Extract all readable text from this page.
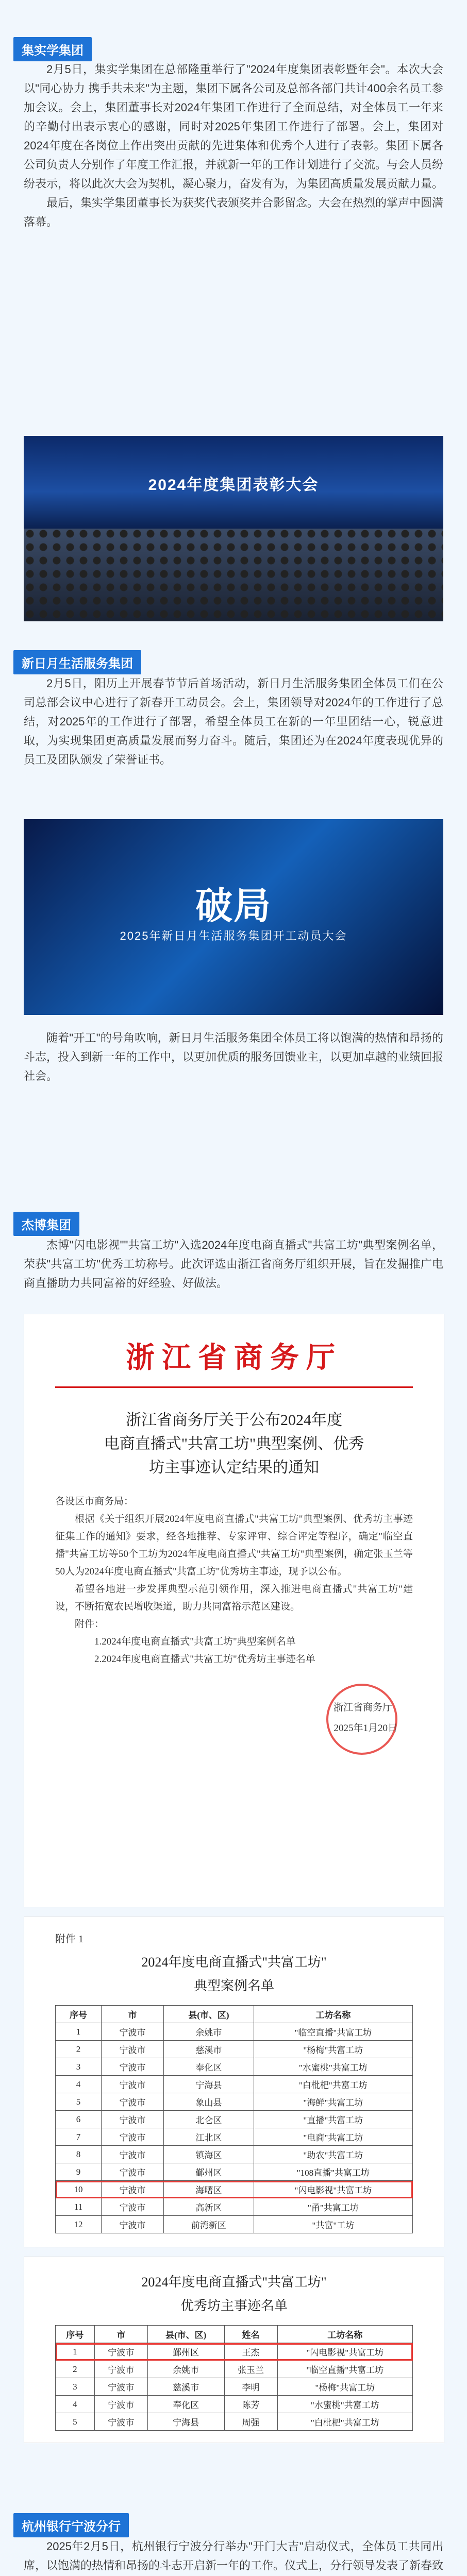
集实学集团

2月5日，集实学集团在总部隆重举行了"2024年度集团表彰暨年会"。本次大会以"同心协力 携手共未来"为主题，集团下属各公司及总部各部门共计400余名员工参加会议。会上，集团董事长对2024年集团工作进行了全面总结，对全体员工一年来的辛勤付出表示衷心的感谢，同时对2025年集团工作进行了部署。会上，集团对2024年度在各岗位上作出突出贡献的先进集体和优秀个人进行了表彰。集团下属各公司负责人分别作了年度工作汇报，并就新一年的工作计划进行了交流。与会人员纷纷表示，将以此次大会为契机，凝心聚力，奋发有为，为集团高质量发展贡献力量。

最后，集实学集团董事长为获奖代表颁奖并合影留念。大会在热烈的掌声中圆满落幕。

2024年度集团表彰大会
新日月生活服务集团

2月5日，阳历上开展春节节后首场活动，新日月生活服务集团全体员工们在公司总部会议中心进行了新春开工动员会。会上，集团领导对2024年的工作进行了总结，对2025年的工作进行了部署，希望全体员工在新的一年里团结一心，锐意进取，为实现集团更高质量发展而努力奋斗。随后，集团还为在2024年度表现优异的员工及团队颁发了荣誉证书。

破局
2025年新日月生活服务集团开工动员大会

随着"开工"的号角吹响，新日月生活服务集团全体员工将以饱满的热情和昂扬的斗志，投入到新一年的工作中，以更加优质的服务回馈业主，以更加卓越的业绩回报社会。

杰博集团

杰博"闪电影视""共富工坊"入选2024年度电商直播式"共富工坊"典型案例名单，荣获"共富工坊"优秀工坊称号。此次评选由浙江省商务厅组织开展，旨在发掘推广电商直播助力共同富裕的好经验、好做法。

浙江省商务厅
浙江省商务厅关于公布2024年度
电商直播式"共富工坊"典型案例、优秀
坊主事迹认定结果的通知
各设区市商务局：
根据《关于组织开展2024年度电商直播式"共富工坊"典型案例、优秀坊主事迹征集工作的通知》要求，经各地推荐、专家评审、综合评定等程序，确定"临空直播"共富工坊等50个工坊为2024年度电商直播式"共富工坊"典型案例，确定张玉兰等50人为2024年度电商直播式"共富工坊"优秀坊主事迹，现予以公布。
希望各地进一步发挥典型示范引领作用，深入推进电商直播式"共富工坊"建设，不断拓宽农民增收渠道，助力共同富裕示范区建设。
附件：
1.2024年度电商直播式"共富工坊"典型案例名单
2.2024年度电商直播式"共富工坊"优秀坊主事迹名单
浙江省商务厅
2025年1月20日
附件 1
2024年度电商直播式"共富工坊"
典型案例名单
序号	市	县(市、区)	工坊名称
1	宁波市	余姚市	"临空直播"共富工坊
2	宁波市	慈溪市	"杨梅"共富工坊
3	宁波市	奉化区	"水蜜桃"共富工坊
4	宁波市	宁海县	"白枇杷"共富工坊
5	宁波市	象山县	"海鲜"共富工坊
6	宁波市	北仑区	"直播"共富工坊
7	宁波市	江北区	"电商"共富工坊
8	宁波市	镇海区	"助农"共富工坊
9	宁波市	鄞州区	"108直播"共富工坊
10	宁波市	海曙区	"闪电影视"共富工坊
11	宁波市	高新区	"甬"共富工坊
12	宁波市	前湾新区	"共富"工坊
2024年度电商直播式"共富工坊"
优秀坊主事迹名单
序号	市	县(市、区)	姓名	工坊名称
1	宁波市	鄞州区	王杰	"闪电影视"共富工坊
2	宁波市	余姚市	张玉兰	"临空直播"共富工坊
3	宁波市	慈溪市	李明	"杨梅"共富工坊
4	宁波市	奉化区	陈芳	"水蜜桃"共富工坊
5	宁波市	宁海县	周强	"白枇杷"共富工坊
杭州银行宁波分行

2025年2月5日，杭州银行宁波分行举办"开门大吉"启动仪式，全体员工共同出席，以饱满的热情和昂扬的斗志开启新一年的工作。仪式上，分行领导发表了新春致
